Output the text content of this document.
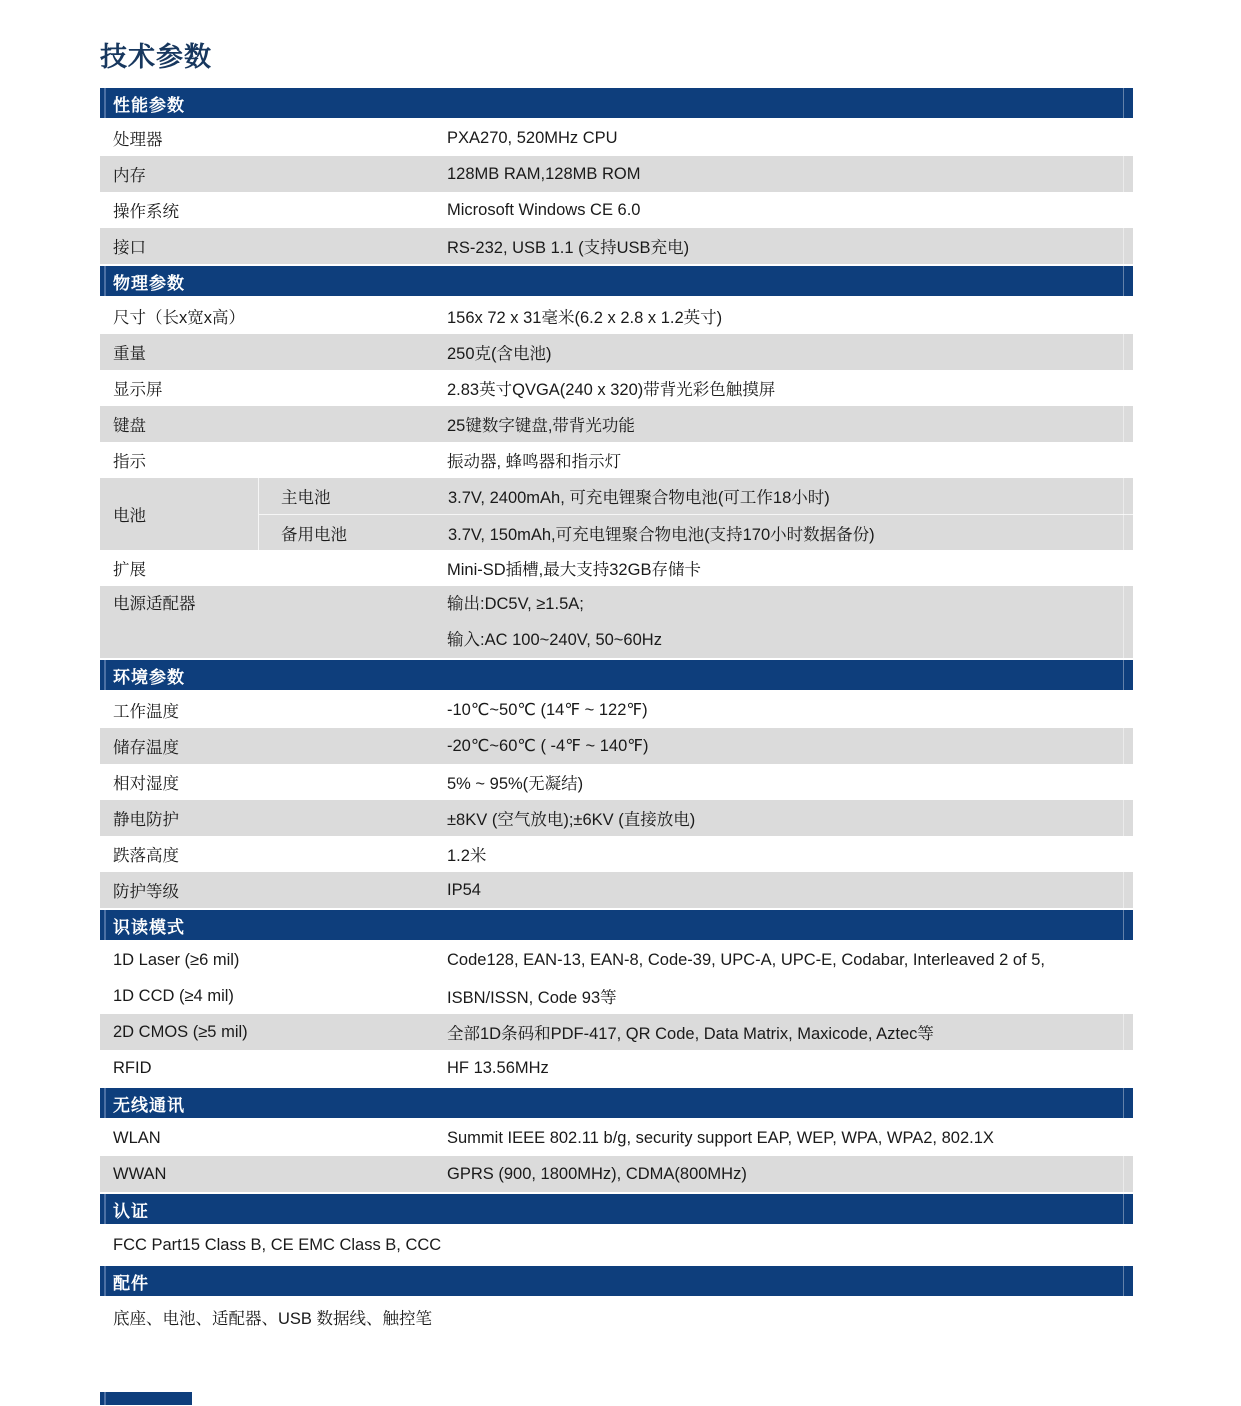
技术参数
性能参数
处理器	PXA270, 520MHz CPU
内存	128MB RAM,128MB ROM
操作系统	Microsoft Windows CE 6.0
接口	RS-232, USB 1.1 (支持USB充电)
物理参数
尺寸（长x宽x高）	156x 72 x 31毫米(6.2 x 2.8 x 1.2英寸)
重量	250克(含电池)
显示屏	2.83英寸QVGA(240 x 320)带背光彩色触摸屏
键盘	25键数字键盘,带背光功能
指示	振动器, 蜂鸣器和指示灯
电池
主电池	3.7V, 2400mAh, 可充电锂聚合物电池(可工作18小时)
备用电池	3.7V, 150mAh,可充电锂聚合物电池(支持170小时数据备份)
扩展	Mini-SD插槽,最大支持32GB存储卡
电源适配器	输出:DC5V, ≥1.5A;
输入:AC 100~240V, 50~60Hz
环境参数
工作温度	-10℃~50℃ (14℉ ~ 122℉)
储存温度	-20℃~60℃ ( -4℉ ~ 140℉)
相对湿度	5% ~ 95%(无凝结)
静电防护	±8KV (空气放电);±6KV (直接放电)
跌落高度	1.2米
防护等级	IP54
识读模式
1D Laser (≥6 mil)	Code128, EAN-13, EAN-8, Code-39, UPC-A, UPC-E, Codabar, Interleaved 2 of 5,
1D CCD (≥4 mil)	ISBN/ISSN, Code 93等
2D CMOS (≥5 mil)	全部1D条码和PDF-417, QR Code, Data Matrix, Maxicode, Aztec等
RFID	HF 13.56MHz
无线通讯
WLAN	Summit IEEE 802.11 b/g, security support EAP, WEP, WPA, WPA2, 802.1X
WWAN	GPRS (900, 1800MHz), CDMA(800MHz)
认证
FCC Part15 Class B, CE EMC Class B, CCC
配件
底座、电池、适配器、USB 数据线、触控笔
